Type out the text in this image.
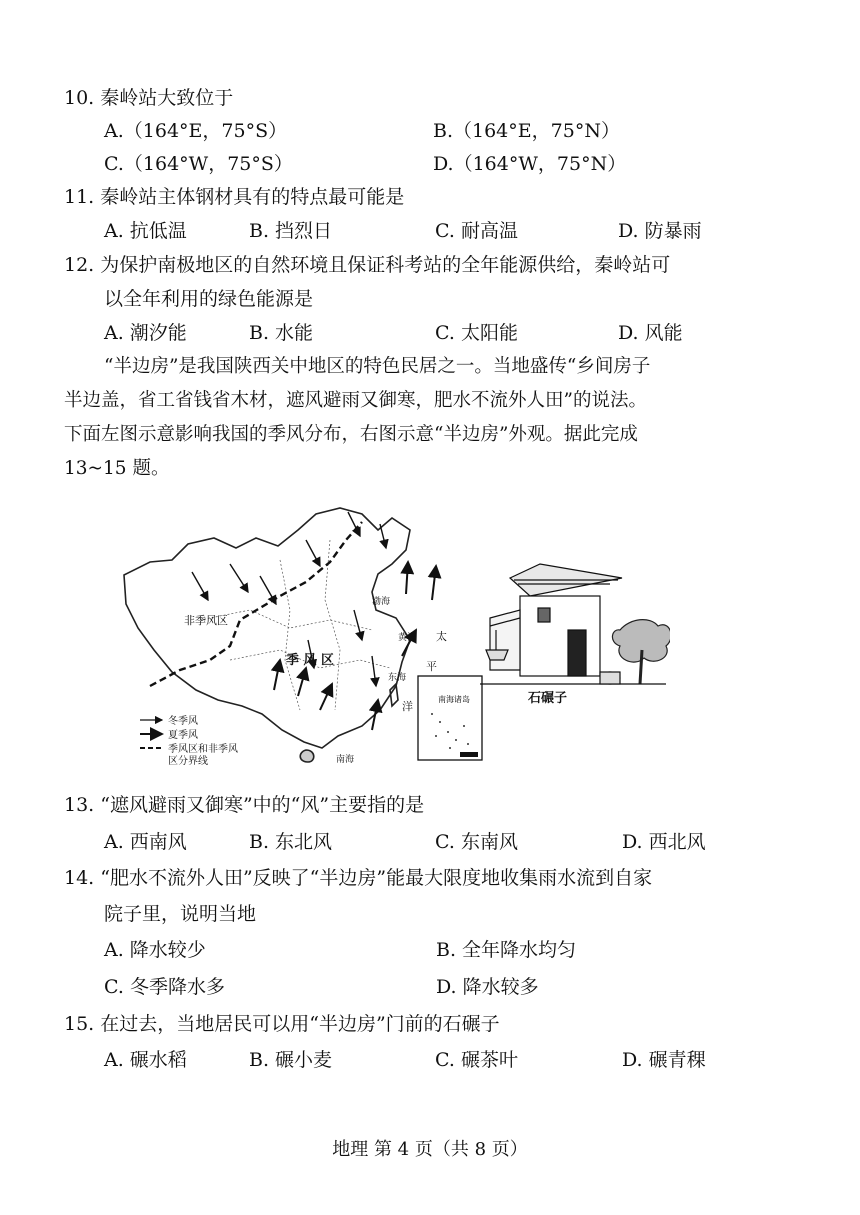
10. 秦岭站大致位于
A.（164°E，75°S）	B.（164°E，75°N）
C.（164°W，75°S）	D.（164°W，75°N）
11. 秦岭站主体钢材具有的特点最可能是
A. 抗低温	B. 挡烈日	C. 耐高温	D. 防暴雨
12. 为保护南极地区的自然环境且保证科考站的全年能源供给，秦岭站可
以全年利用的绿色能源是
A. 潮汐能	B. 水能	C. 太阳能	D. 风能
“半边房”是我国陕西关中地区的特色民居之一。当地盛传“乡间房子
半边盖，省工省钱省木材，遮风避雨又御寒，肥水不流外人田”的说法。
下面左图示意影响我国的季风分布，右图示意“半边房”外观。据此完成
13~15 题。
非季风区
季 风 区
渤海
黄海
东海
南海
太
平
洋
南海诸岛
冬季风
夏季风
季风区和非季风
区分界线
石碾子
13. “遮风避雨又御寒”中的“风”主要指的是
A. 西南风	B. 东北风	C. 东南风	D. 西北风
14. “肥水不流外人田”反映了“半边房”能最大限度地收集雨水流到自家
院子里，说明当地
A. 降水较少	B. 全年降水均匀
C. 冬季降水多	D. 降水较多
15. 在过去，当地居民可以用“半边房”门前的石碾子
A. 碾水稻	B. 碾小麦	C. 碾茶叶	D. 碾青稞
地理 第 4 页（共 8 页）
